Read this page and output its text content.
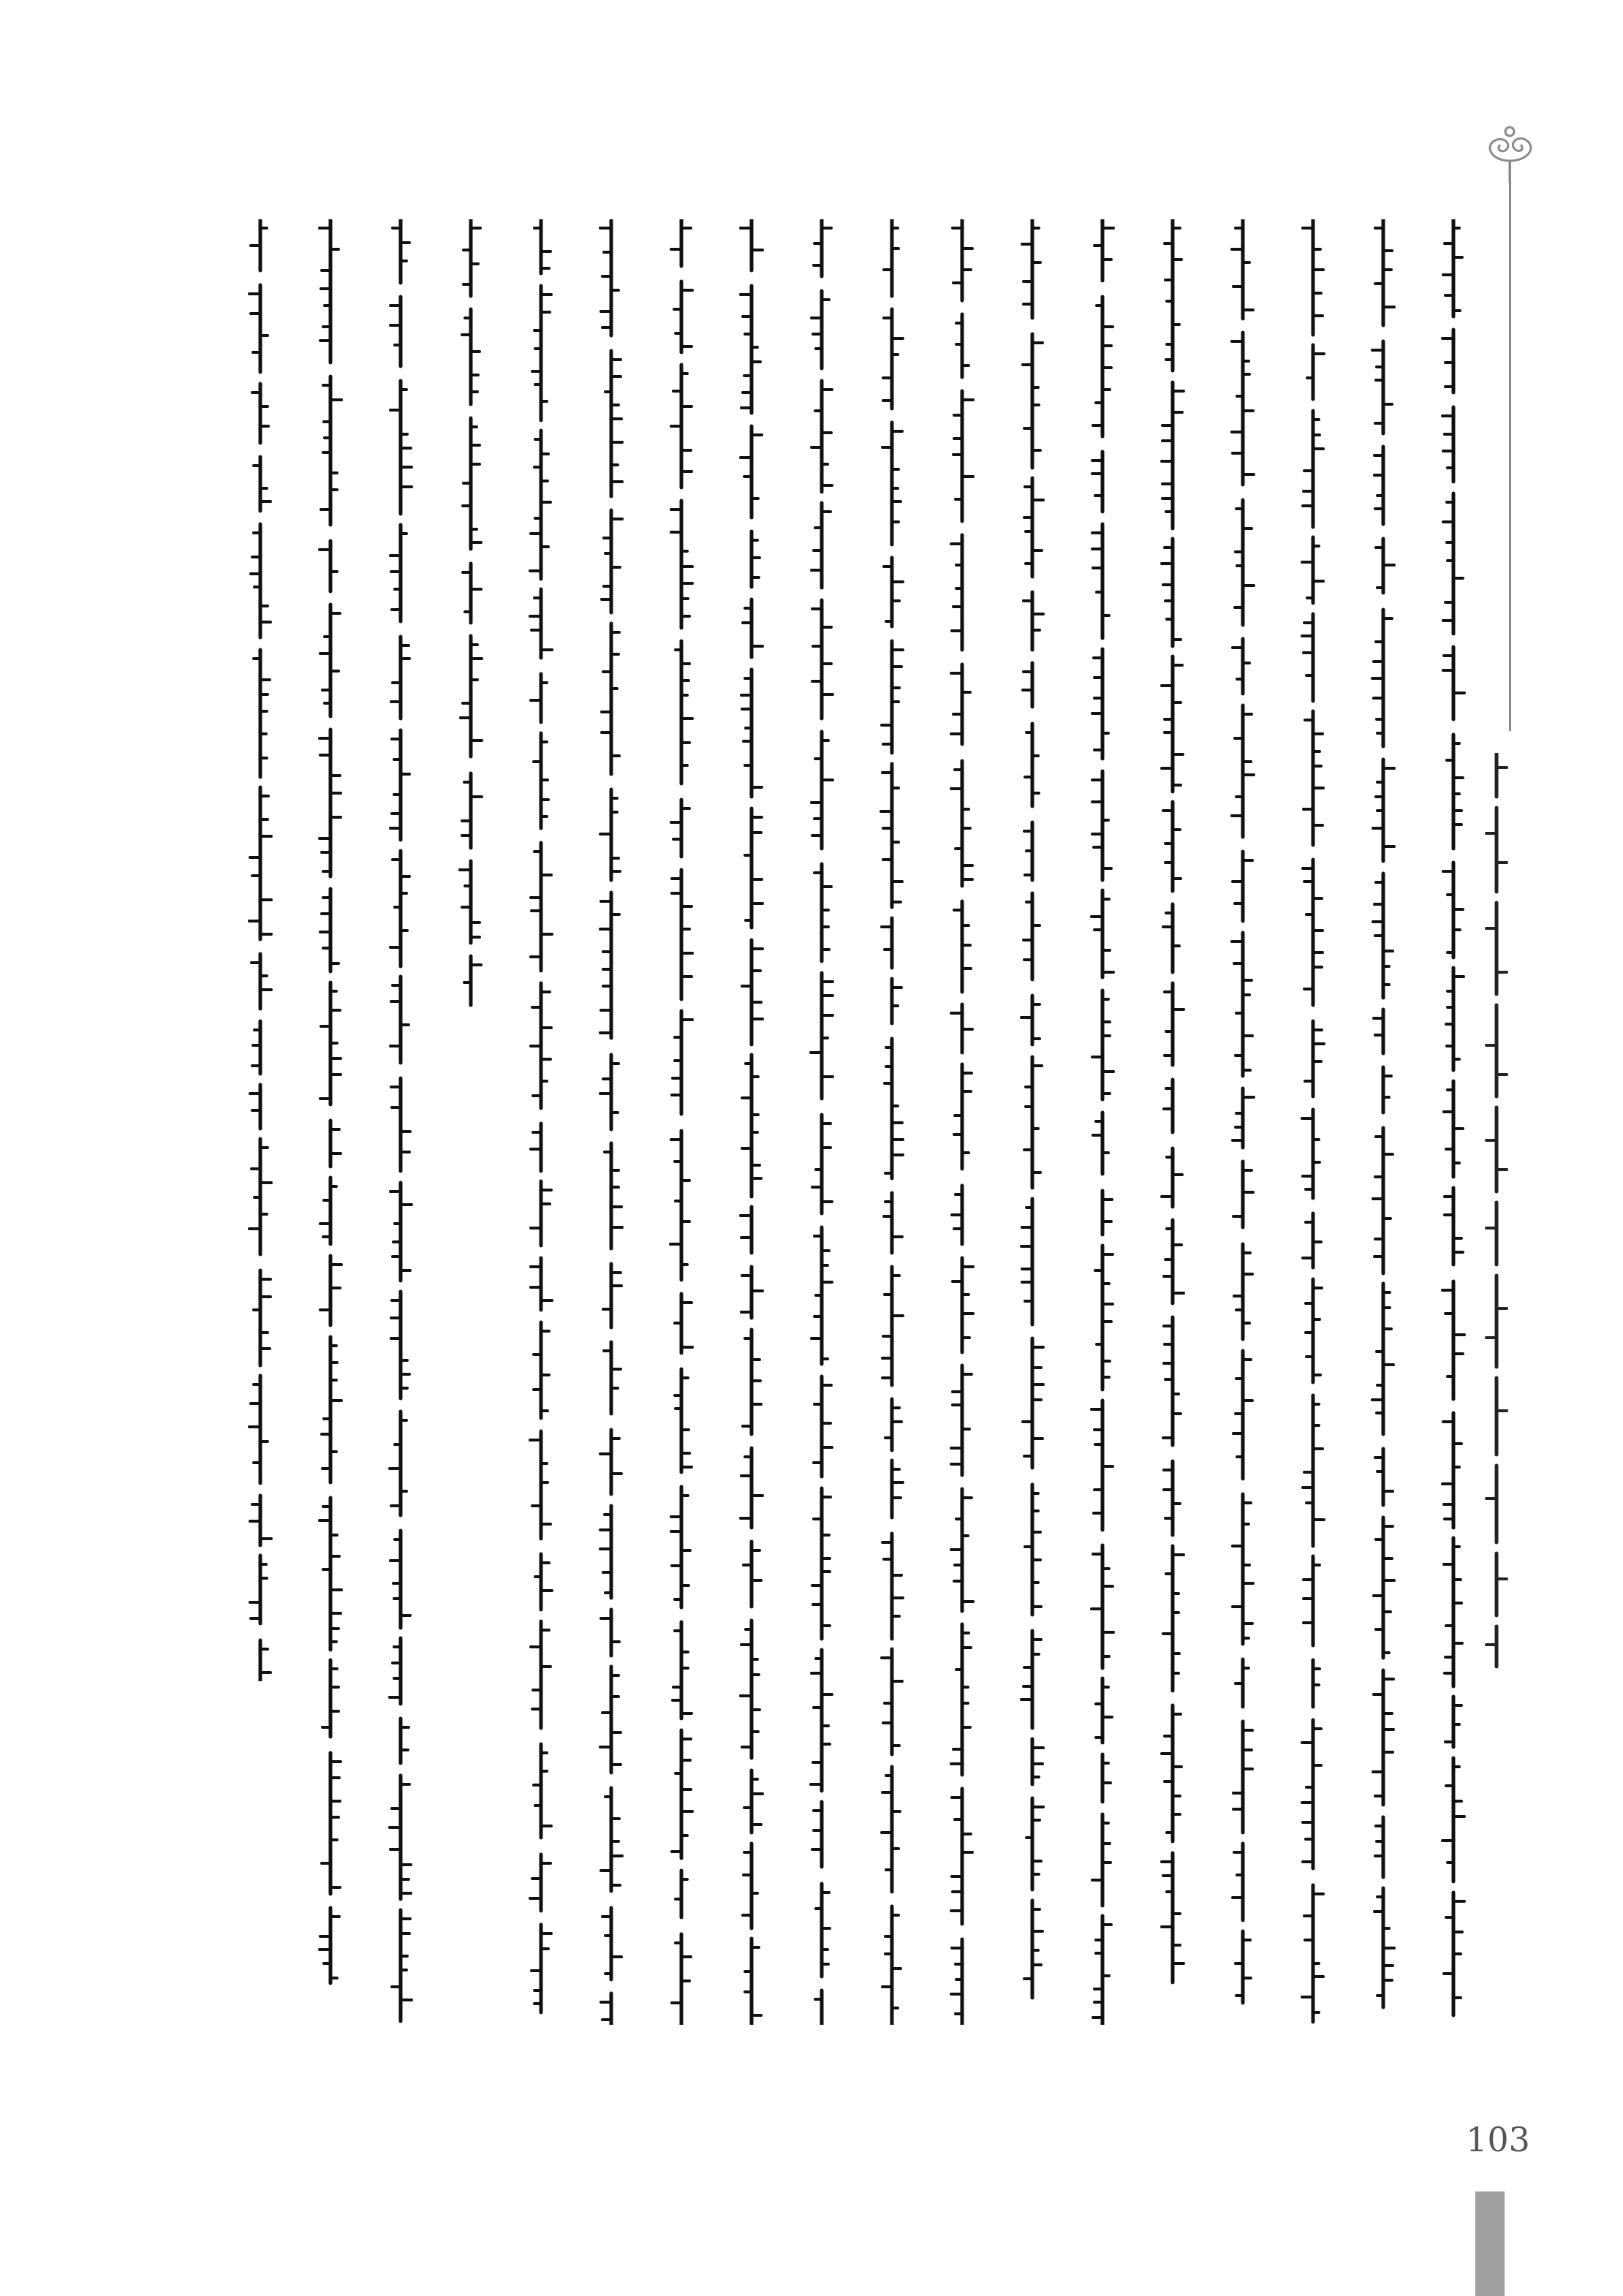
103
